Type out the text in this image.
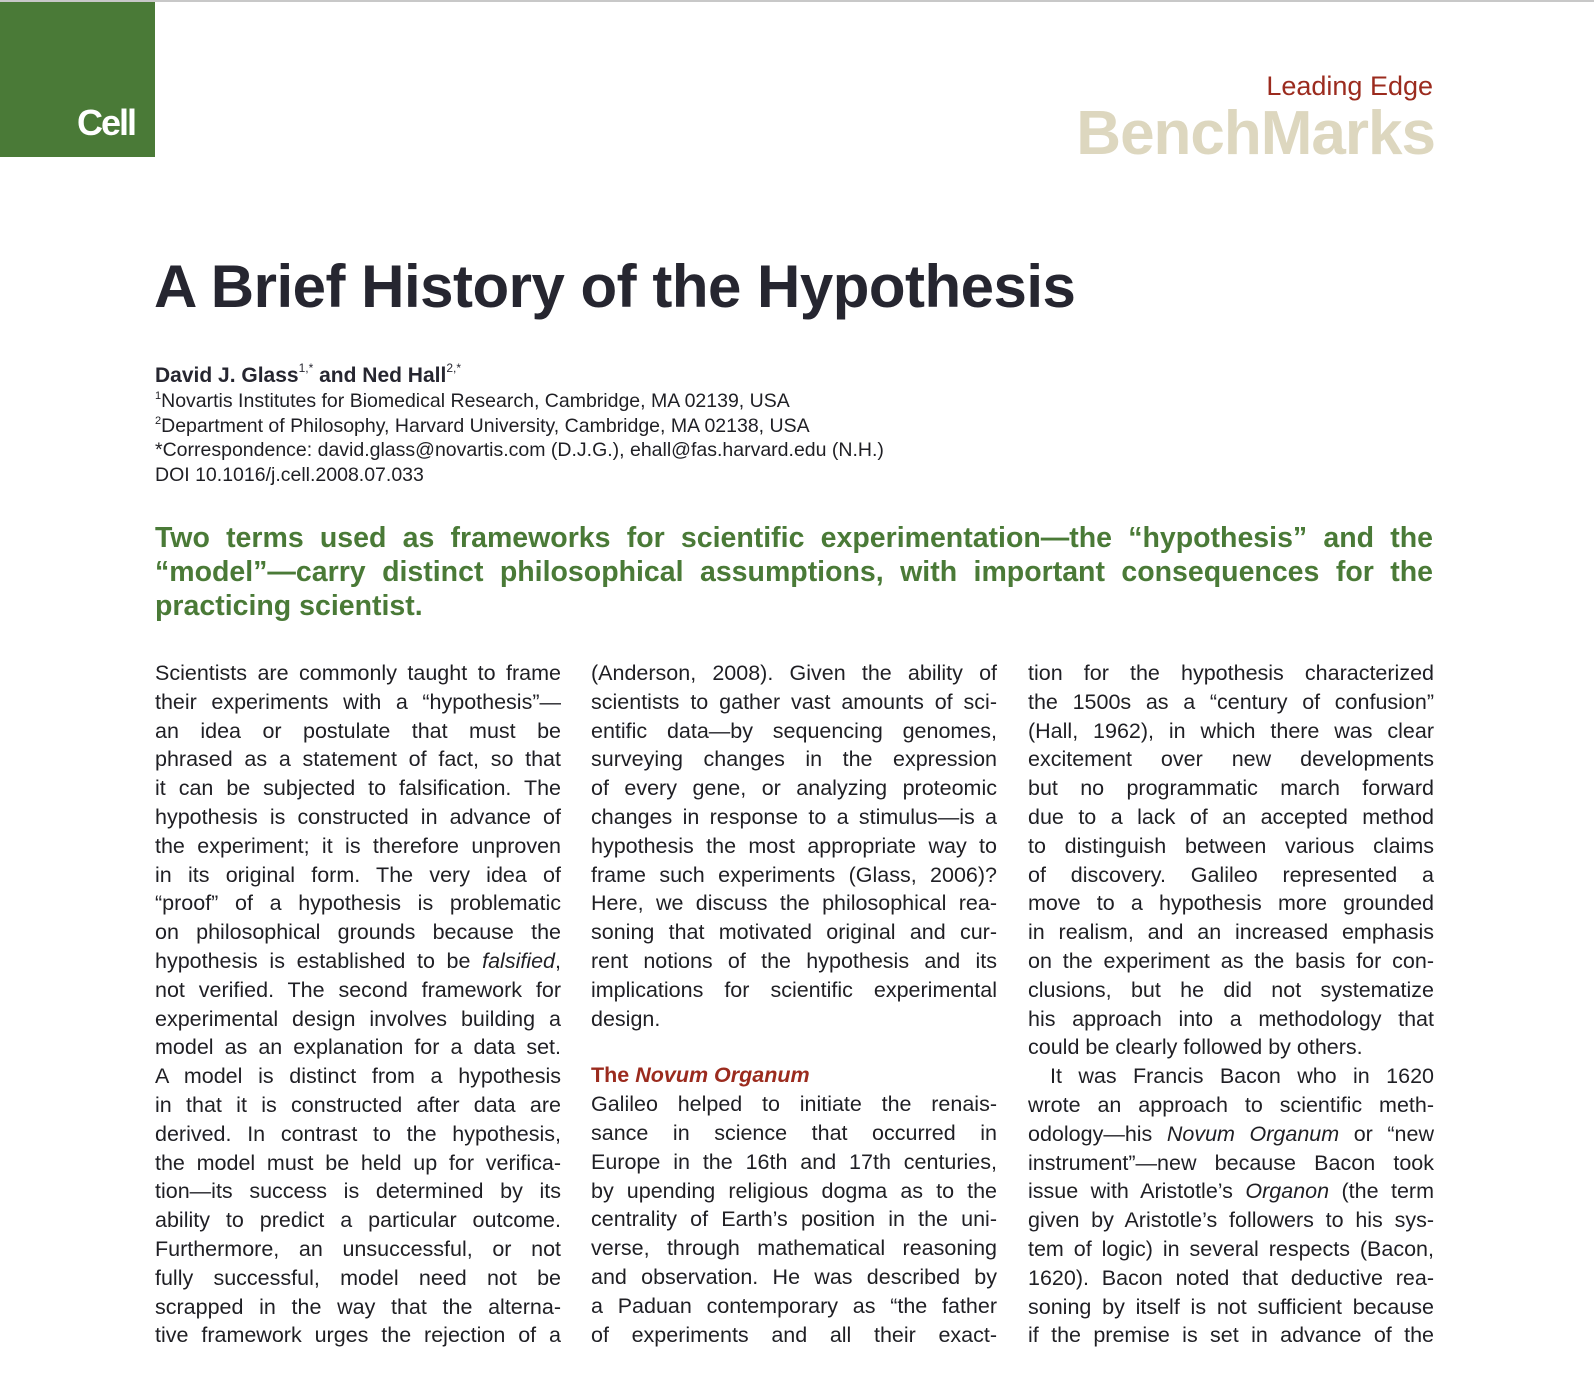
Cell
Leading Edge
BenchMarks
A Brief History of the Hypothesis
David J. Glass$^{1,*}$ and Ned Hall$^{2,*}$
$^1$Novartis Institutes for Biomedical Research, Cambridge, MA 02139, USA
$^2$Department of Philosophy, Harvard University, Cambridge, MA 02138, USA
*Correspondence: david.glass@novartis.com (D.J.G.), ehall@fas.harvard.edu (N.H.)
DOI 10.1016/j.cell.2008.07.033

Two terms used as frameworks for scientific experimentation—the “hypothesis” and the “model”—carry distinct philosophical assumptions, with important consequences for the practicing scientist.

Scientists are commonly taught to frame
their experiments with a “hypothesis”—
an idea or postulate that must be
phrased as a statement of fact, so that
it can be subjected to falsification. The
hypothesis is constructed in advance of
the experiment; it is therefore unproven
in its original form. The very idea of
“proof” of a hypothesis is problematic
on philosophical grounds because the
hypothesis is established to be falsified,
not verified. The second framework for
experimental design involves building a
model as an explanation for a data set.
A model is distinct from a hypothesis
in that it is constructed after data are
derived. In contrast to the hypothesis,
the model must be held up for verifica-
tion—its success is determined by its
ability to predict a particular outcome.
Furthermore, an unsuccessful, or not
fully successful, model need not be
scrapped in the way that the alterna-
tive framework urges the rejection of a

(Anderson, 2008). Given the ability of
scientists to gather vast amounts of sci-
entific data—by sequencing genomes,
surveying changes in the expression
of every gene, or analyzing proteomic
changes in response to a stimulus—is a
hypothesis the most appropriate way to
frame such experiments (Glass, 2006)?
Here, we discuss the philosophical rea-
soning that motivated original and cur-
rent notions of the hypothesis and its
implications for scientific experimental
design.

The Novum Organum

Galileo helped to initiate the renais-
sance in science that occurred in
Europe in the 16th and 17th centuries,
by upending religious dogma as to the
centrality of Earth’s position in the uni-
verse, through mathematical reasoning
and observation. He was described by
a Paduan contemporary as “the father
of experiments and all their exact-

tion for the hypothesis characterized
the 1500s as a “century of confusion”
(Hall, 1962), in which there was clear
excitement over new developments
but no programmatic march forward
due to a lack of an accepted method
to distinguish between various claims
of discovery. Galileo represented a
move to a hypothesis more grounded
in realism, and an increased emphasis
on the experiment as the basis for con-
clusions, but he did not systematize
his approach into a methodology that
could be clearly followed by others.

It was Francis Bacon who in 1620
wrote an approach to scientific meth-
odology—his Novum Organum or “new
instrument”—new because Bacon took
issue with Aristotle’s Organon (the term
given by Aristotle’s followers to his sys-
tem of logic) in several respects (Bacon,
1620). Bacon noted that deductive rea-
soning by itself is not sufficient because
if the premise is set in advance of the
